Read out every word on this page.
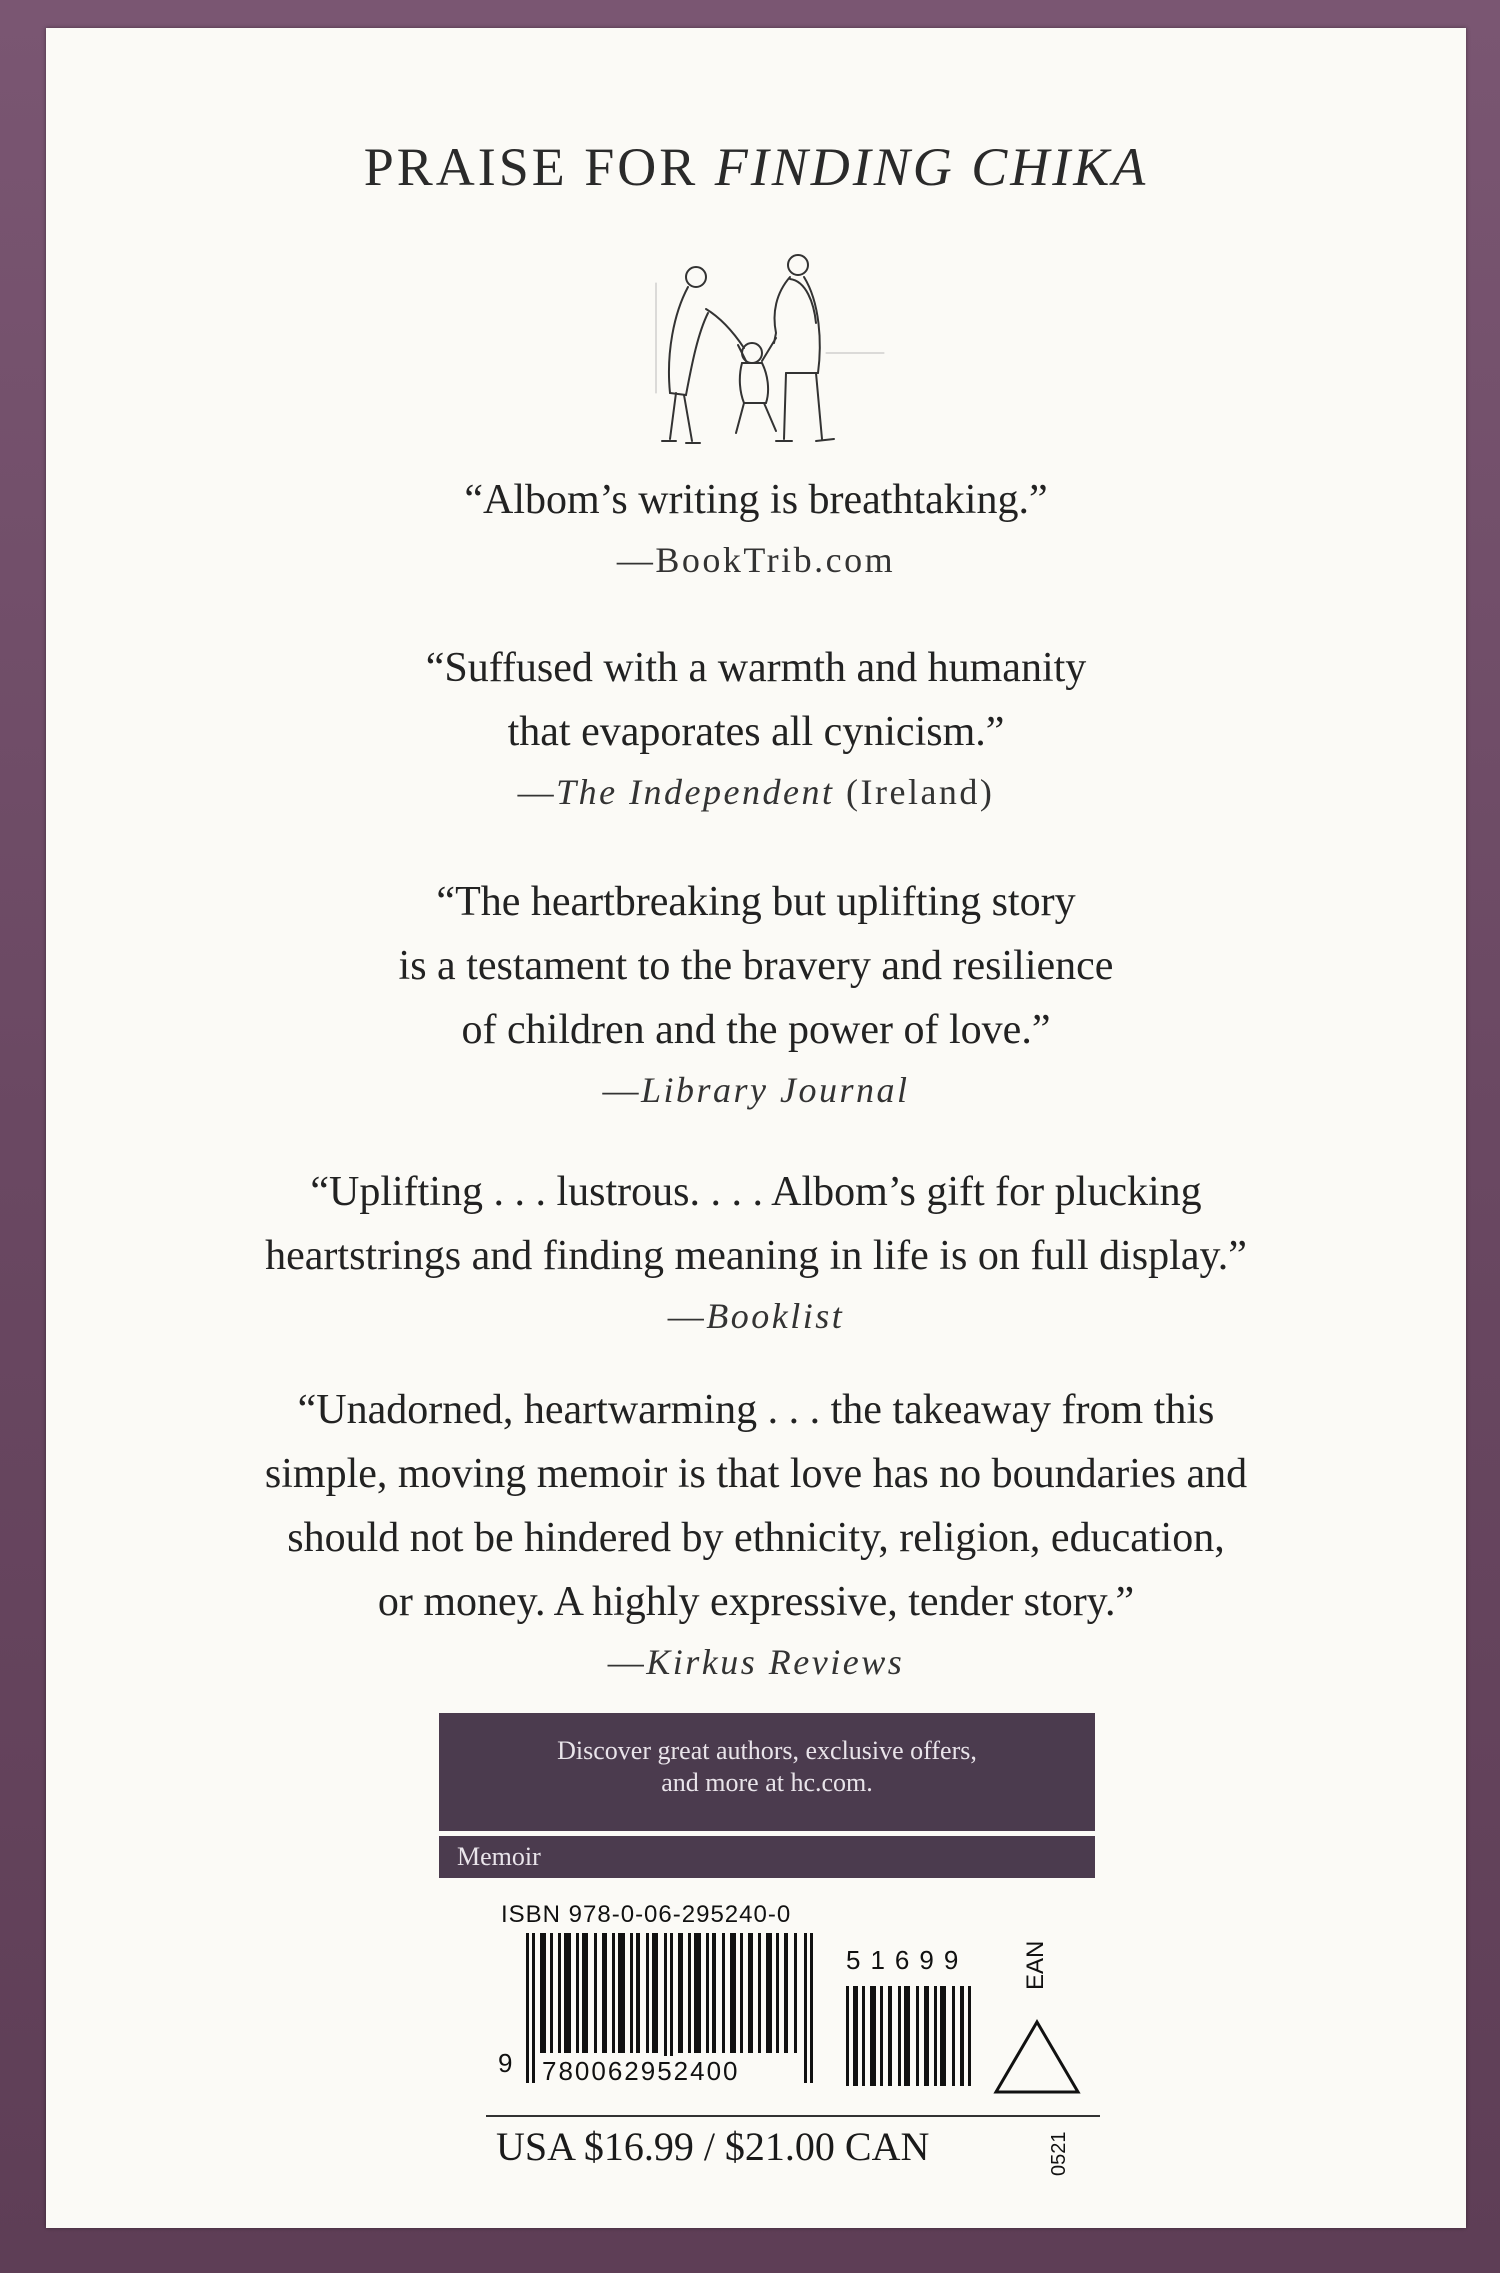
PRAISE FOR FINDING CHIKA
“Albom’s writing is breathtaking.”
—BookTrib.com
“Suffused with a warmth and humanity
that evaporates all cynicism.”
—The Independent (Ireland)
“The heartbreaking but uplifting story
is a testament to the bravery and resilience
of children and the power of love.”
—Library Journal
“Uplifting . . . lustrous. . . . Albom’s gift for plucking
heartstrings and finding meaning in life is on full display.”
—Booklist
“Unadorned, heartwarming . . . the takeaway from this
simple, moving memoir is that love has no boundaries and
should not be hindered by ethnicity, religion, education,
or money. A highly expressive, tender story.”
—Kirkus Reviews
Discover great authors, exclusive offers,
and more at hc.com.
Memoir
ISBN 978-0-06-295240-0
9 780062952400
51699 EAN
USA $16.99 / $21.00 CAN	0521
